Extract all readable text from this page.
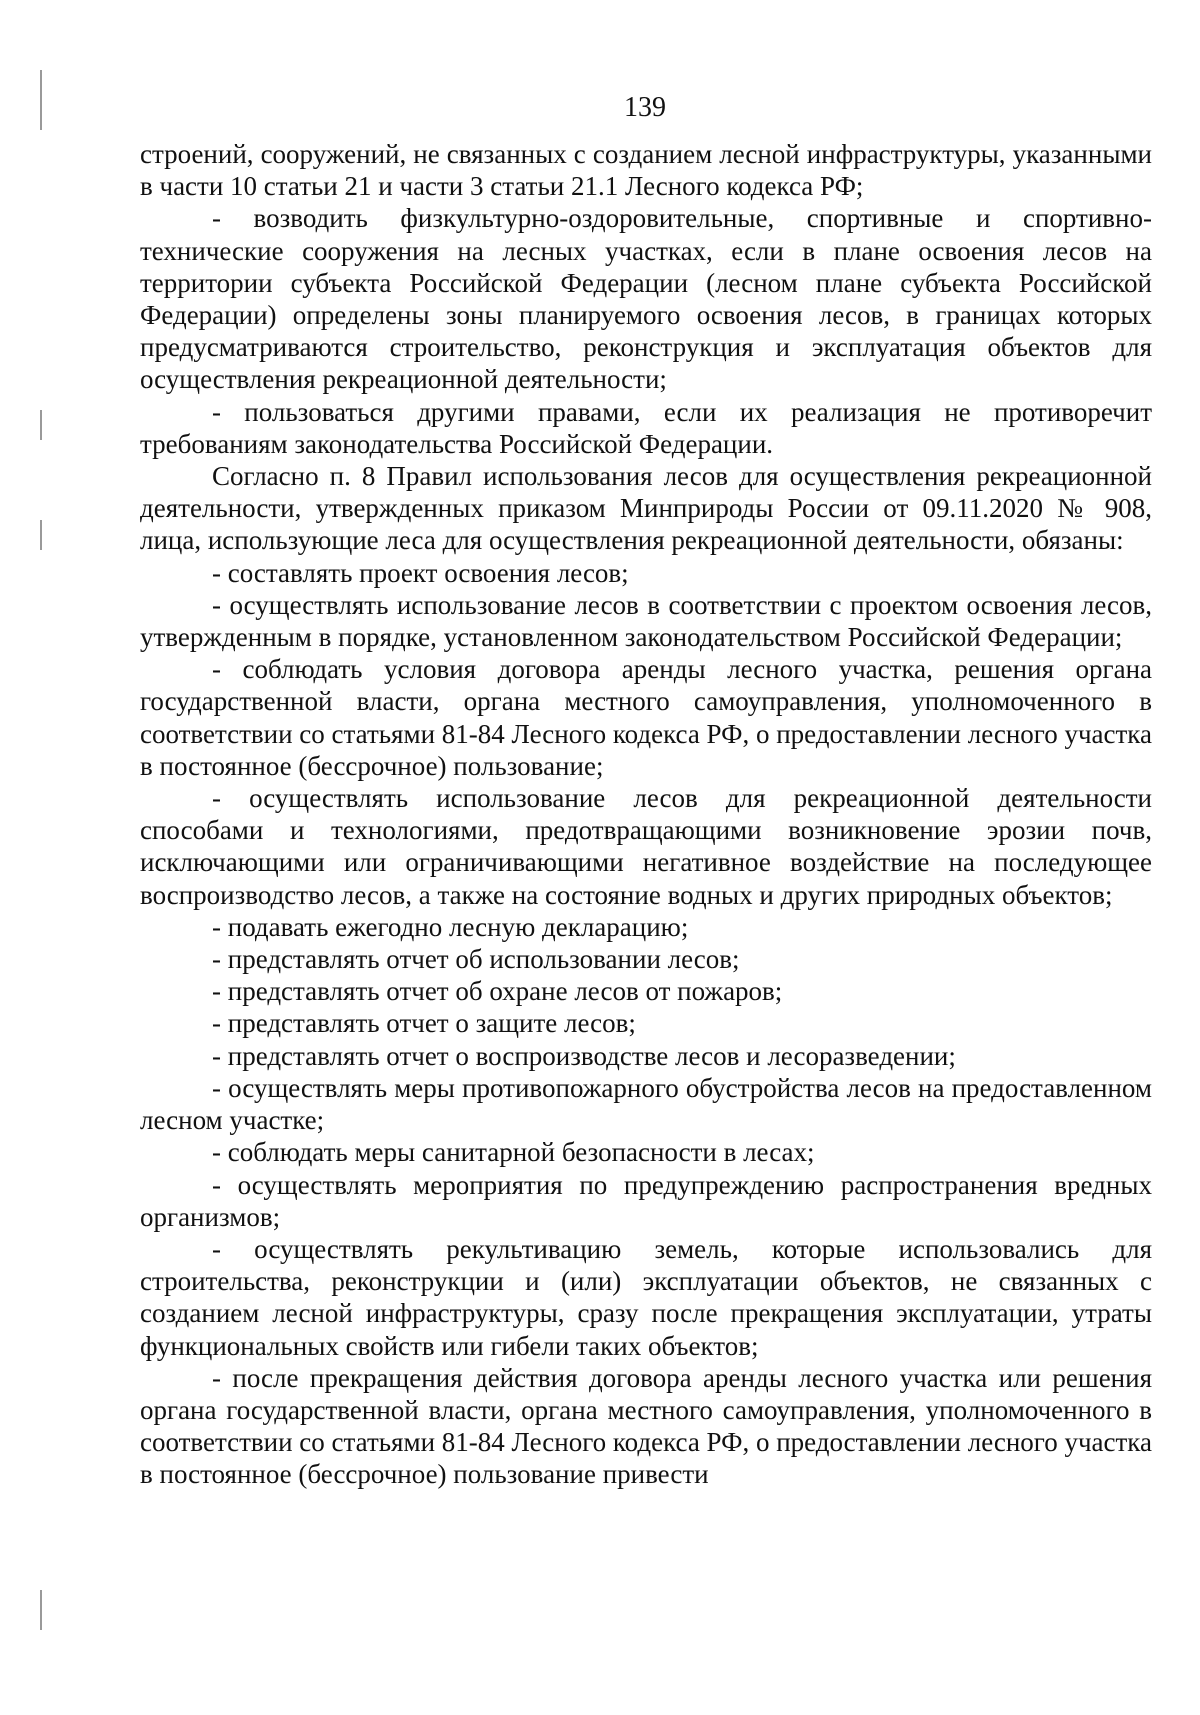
139

строений, сооружений, не связанных с созданием лесной инфраструктуры, указанными в части 10 статьи 21 и части 3 статьи 21.1 Лесного кодекса РФ;

- возводить физкультурно-оздоровительные, спортивные и спортивно-технические сооружения на лесных участках, если в плане освоения лесов на территории субъекта Российской Федерации (лесном плане субъекта Российской Федерации) определены зоны планируемого освоения лесов, в границах которых предусматриваются строительство, реконструкция и эксплуатация объектов для осуществления рекреационной деятельности;

- пользоваться другими правами, если их реализация не противоречит требованиям законодательства Российской Федерации.

Согласно п. 8 Правил использования лесов для осуществления рекреационной деятельности, утвержденных приказом Минприроды России от 09.11.2020 № 908, лица, использующие леса для осуществления рекреационной деятельности, обязаны:

- составлять проект освоения лесов;

- осуществлять использование лесов в соответствии с проектом освоения лесов, утвержденным в порядке, установленном законодательством Российской Федерации;

- соблюдать условия договора аренды лесного участка, решения органа государственной власти, органа местного самоуправления, уполномоченного в соответствии со статьями 81-84 Лесного кодекса РФ, о предоставлении лесного участка в постоянное (бессрочное) пользование;

- осуществлять использование лесов для рекреационной деятельности способами и технологиями, предотвращающими возникновение эрозии почв, исключающими или ограничивающими негативное воздействие на последующее воспроизводство лесов, а также на состояние водных и других природных объектов;

- подавать ежегодно лесную декларацию;

- представлять отчет об использовании лесов;

- представлять отчет об охране лесов от пожаров;

- представлять отчет о защите лесов;

- представлять отчет о воспроизводстве лесов и лесоразведении;

- осуществлять меры противопожарного обустройства лесов на предоставленном лесном участке;

- соблюдать меры санитарной безопасности в лесах;

- осуществлять мероприятия по предупреждению распространения вредных организмов;

- осуществлять рекультивацию земель, которые использовались для строительства, реконструкции и (или) эксплуатации объектов, не связанных с созданием лесной инфраструктуры, сразу после прекращения эксплуатации, утраты функциональных свойств или гибели таких объектов;

- после прекращения действия договора аренды лесного участка или решения органа государственной власти, органа местного самоуправления, уполномоченного в соответствии со статьями 81-84 Лесного кодекса РФ, о предоставлении лесного участка в постоянное (бессрочное) пользование привести
